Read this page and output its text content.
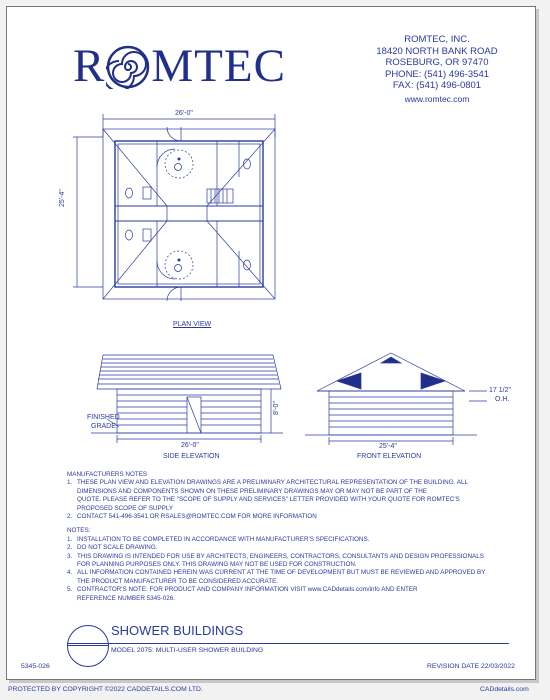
R MTEC
ROMTEC, INC.
18420 NORTH BANK ROAD
ROSEBURG, OR 97470
PHONE: (541) 496-3541
FAX: (541) 496-0801
www.romtec.com
26'-0"
25'-4"
PLAN VIEW
FINISHED
GRADE
8'-0"
26'-0"
SIDE ELEVATION
17 1/2"
O.H.
25'-4"
FRONT ELEVATION
MANUFACTURERS NOTES
1. THESE PLAN VIEW AND ELEVATION DRAWINGS ARE A PRELIMINARY ARCHITECTURAL REPRESENTATION OF THE BUILDING. ALL
DIMENSIONS AND COMPONENTS SHOWN ON THESE PRELIMINARY DRAWINGS MAY OR MAY NOT BE PART OF THE
QUOTE. PLEASE REFER TO THE "SCOPE OF SUPPLY AND SERVICES" LETTER PROVIDED WITH YOUR QUOTE FOR ROMTEC'S
PROPOSED SCOPE OF SUPPLY
2. CONTACT 541-496-3541 OR RSALES@ROMTEC.COM FOR MORE INFORMATION
NOTES:
1. INSTALLATION TO BE COMPLETED IN ACCORDANCE WITH MANUFACTURER'S SPECIFICATIONS.
2. DO NOT SCALE DRAWING.
3. THIS DRAWING IS INTENDED FOR USE BY ARCHITECTS, ENGINEERS, CONTRACTORS, CONSULTANTS AND DESIGN PROFESSIONALS
FOR PLANNING PURPOSES ONLY. THIS DRAWING MAY NOT BE USED FOR CONSTRUCTION.
4. ALL INFORMATION CONTAINED HEREIN WAS CURRENT AT THE TIME OF DEVELOPMENT BUT MUST BE REVIEWED AND APPROVED BY
THE PRODUCT MANUFACTURER TO BE CONSIDERED ACCURATE.
5. CONTRACTOR'S NOTE: FOR PRODUCT AND COMPANY INFORMATION VISIT www.CADdetails.com/info AND ENTER
REFERENCE NUMBER 5345-026.
SHOWER BUILDINGS
MODEL 2075: MULTI-USER SHOWER BUILDING
5345-026	REVISION DATE 22/03/2022
PROTECTED BY COPYRIGHT ©2022 CADDETAILS.COM LTD.	CADdetails.com
